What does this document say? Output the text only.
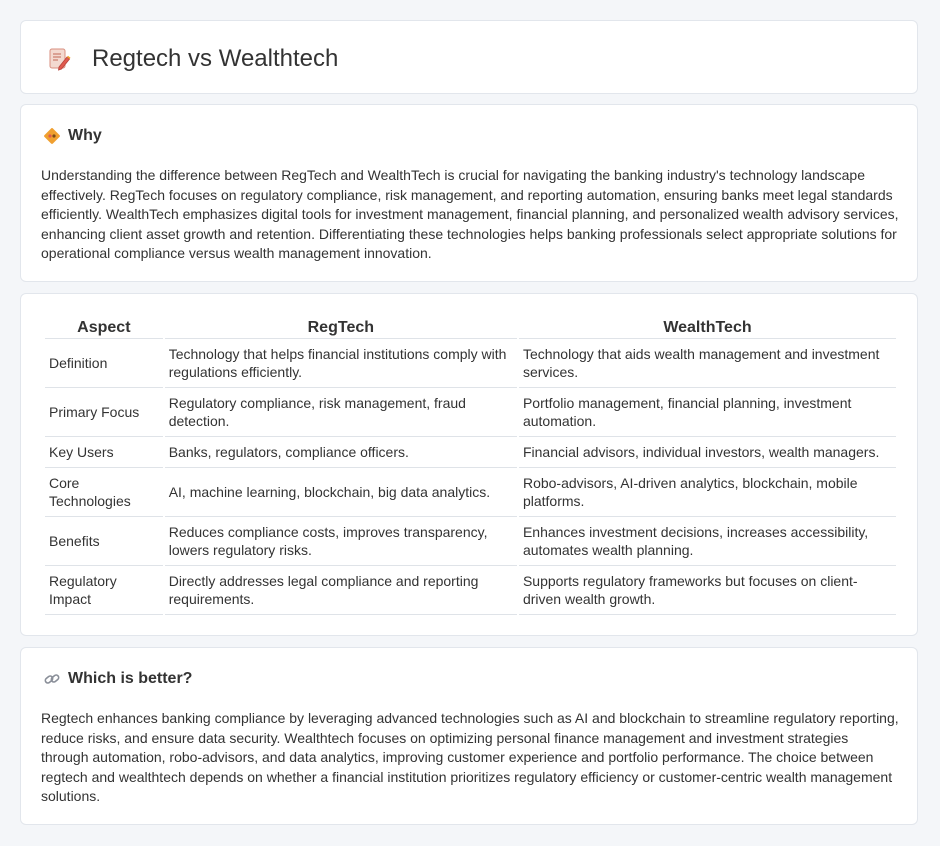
Regtech vs Wealthtech
Why

Understanding the difference between RegTech and WealthTech is crucial for navigating the banking industry's technology landscape effectively. RegTech focuses on regulatory compliance, risk management, and reporting automation, ensuring banks meet legal standards efficiently. WealthTech emphasizes digital tools for investment management, financial planning, and personalized wealth advisory services, enhancing client asset growth and retention. Differentiating these technologies helps banking professionals select appropriate solutions for operational compliance versus wealth management innovation.

Aspect	RegTech	WealthTech
Definition	Technology that helps financial institutions comply with regulations efficiently.	Technology that aids wealth management and investment services.
Primary Focus	Regulatory compliance, risk management, fraud detection.	Portfolio management, financial planning, investment automation.
Key Users	Banks, regulators, compliance officers.	Financial advisors, individual investors, wealth managers.
Core Technologies	AI, machine learning, blockchain, big data analytics.	Robo-advisors, AI-driven analytics, blockchain, mobile platforms.
Benefits	Reduces compliance costs, improves transparency, lowers regulatory risks.	Enhances investment decisions, increases accessibility, automates wealth planning.
Regulatory Impact	Directly addresses legal compliance and reporting requirements.	Supports regulatory frameworks but focuses on client-driven wealth growth.
Which is better?

Regtech enhances banking compliance by leveraging advanced technologies such as AI and blockchain to streamline regulatory reporting, reduce risks, and ensure data security. Wealthtech focuses on optimizing personal finance management and investment strategies through automation, robo-advisors, and data analytics, improving customer experience and portfolio performance. The choice between regtech and wealthtech depends on whether a financial institution prioritizes regulatory efficiency or customer-centric wealth management solutions.
